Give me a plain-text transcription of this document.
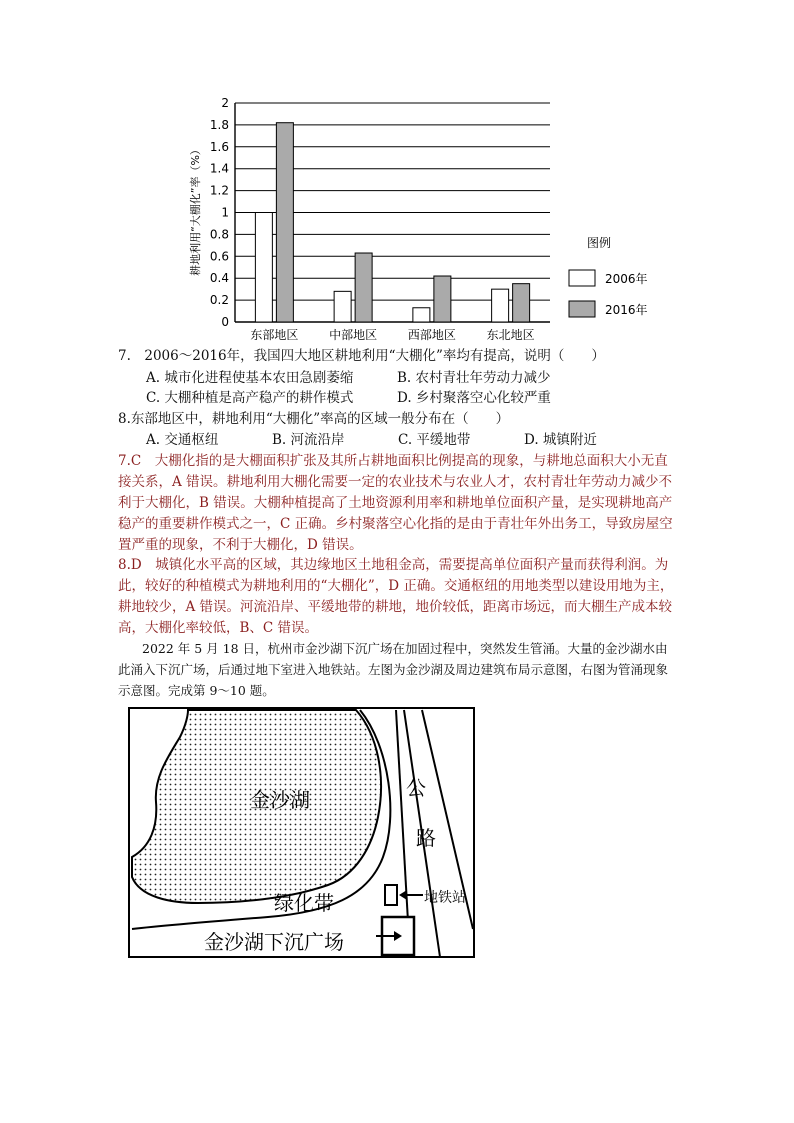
0
0.2
0.4
0.6
0.8
1
1.2
1.4
1.6
1.8
2
东部地区	中部地区	西部地区	东北地区
耕地利用“大棚化”率（%）	图例
2006年
2016年
7.　2006～2016年，我国四大地区耕地利用“大棚化”率均有提高，说明（　　）
A. 城市化进程使基本农田急剧萎缩	B. 农村青壮年劳动力减少
C. 大棚种植是高产稳产的耕作模式	D. 乡村聚落空心化较严重
8.东部地区中，耕地利用“大棚化”率高的区域一般分布在（　　）
A. 交通枢纽	B. 河流沿岸	C. 平缓地带	D. 城镇附近
7.C　大棚化指的是大棚面积扩张及其所占耕地面积比例提高的现象，与耕地总面积大小无直接关系，A 错误。耕地利用大棚化需要一定的农业技术与农业人才，农村青壮年劳动力减少不利于大棚化，B 错误。大棚种植提高了土地资源利用率和耕地单位面积产量，是实现耕地高产稳产的重要耕作模式之一，C 正确。乡村聚落空心化指的是由于青壮年外出务工，导致房屋空置严重的现象，不利于大棚化，D 错误。
8.D　城镇化水平高的区域，其边缘地区土地租金高，需要提高单位面积产量而获得利润。为此，较好的种植模式为耕地利用的“大棚化”，D 正确。交通枢纽的用地类型以建设用地为主，耕地较少，A 错误。河流沿岸、平缓地带的耕地，地价较低，距离市场远，而大棚生产成本较高，大棚化率较低，B、C 错误。
2022 年 5 月 18 日，杭州市金沙湖下沉广场在加固过程中，突然发生管涌。大量的金沙湖水由此涌入下沉广场，后通过地下室进入地铁站。左图为金沙湖及周边建筑布局示意图，右图为管涌现象示意图。完成第 9～10 题。
金沙湖	公
路
绿化带	地铁站
金沙湖下沉广场
